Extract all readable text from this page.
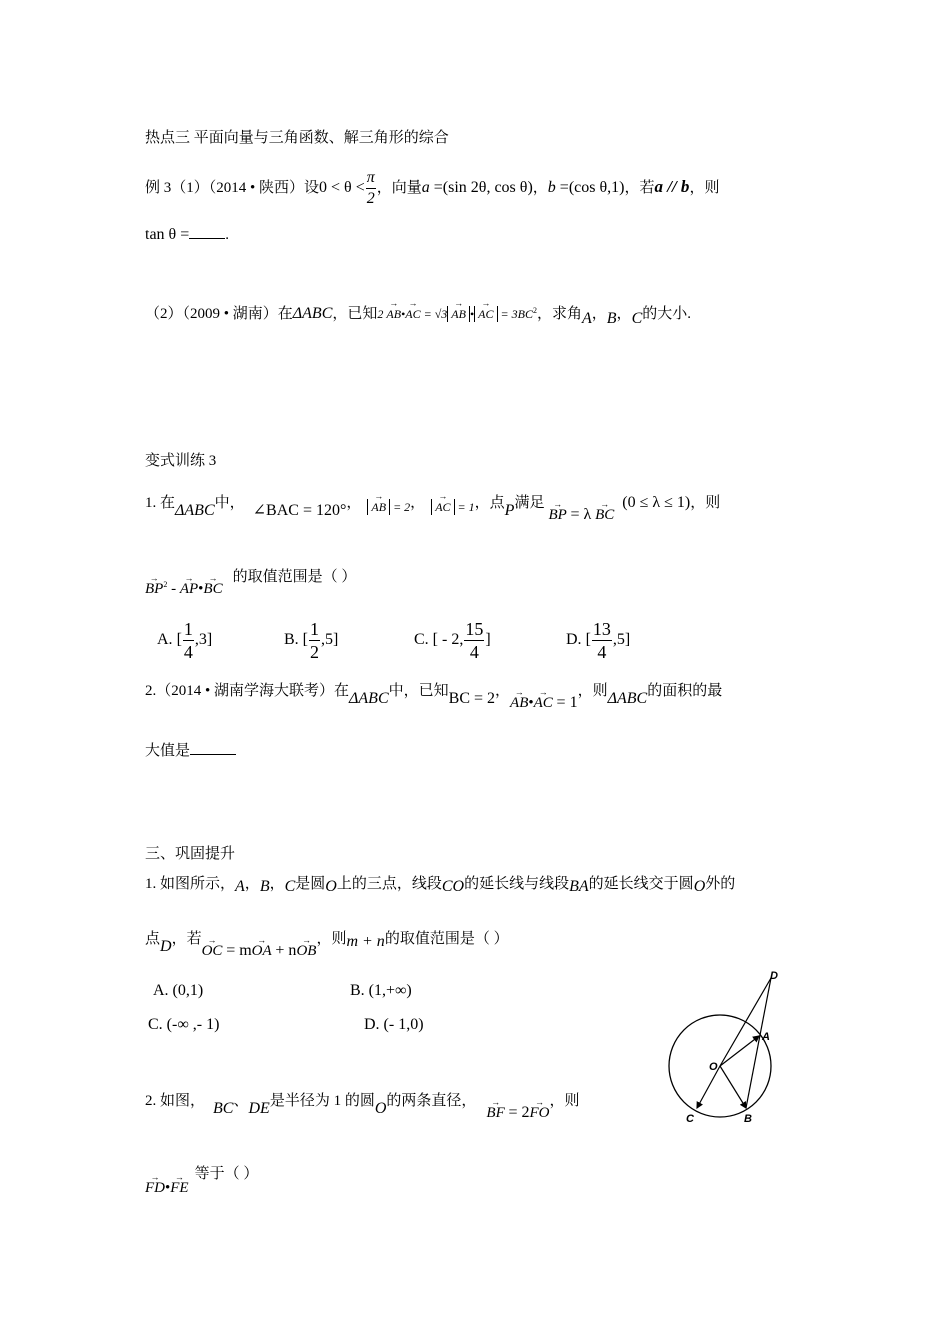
热点三 平面向量与三角函数、解三角形的综合
例 3（1）（2014 • 陕西）设$0 < \theta < \frac{\pi}{2}$ ，向量a =(sin 2θ, cos θ)，b =(cos θ,1)，若a // b，则
tan θ = .
（2）（2009 • 湖南）在ΔABC，已知2 → AB•→ AC = √3 → AB • → AC = $3BC^2$，求角A，B，C的大小.
变式训练 3
1. 在ΔABC中， ∠BAC = 120°， → $_{AB = 2}$， → $_{AC = 1}$，点P满足→ BP = λ → BC(0 ≤ λ ≤ 1)，则
→ $BP^2$ - → AP•→ BC的取值范围是（ ）
A. [ $\frac{1}{4} ,3$]	B. [ $\frac{1}{2} ,5$]	C. [ - 2, $\frac{15}{4}$ ]	D. [ $\frac{13}{4} ,5$]
2.（2014 • 湖南学海大联考）在ΔABC中，已知BC = 2，→ AB•→ AC = 1，则ΔABC的面积的最
大值是
三、巩固提升
1. 如图所示，A，B，C是圆O上的三点，线段CO的延长线与线段BA的延长线交于圆O外的
点D，若→ OC = m→ OA + n→ OB，则m + n的取值范围是（ ）
A. (0,1)	B. (1,+∞)
C. (-∞ ,- 1)	D. (- 1,0)
2. 如图， BC、DE是半径为 1 的圆O的两条直径，→ BF = 2→ FO，则
→ FD•→ FE等于（ ）
D
A
O
C	B
